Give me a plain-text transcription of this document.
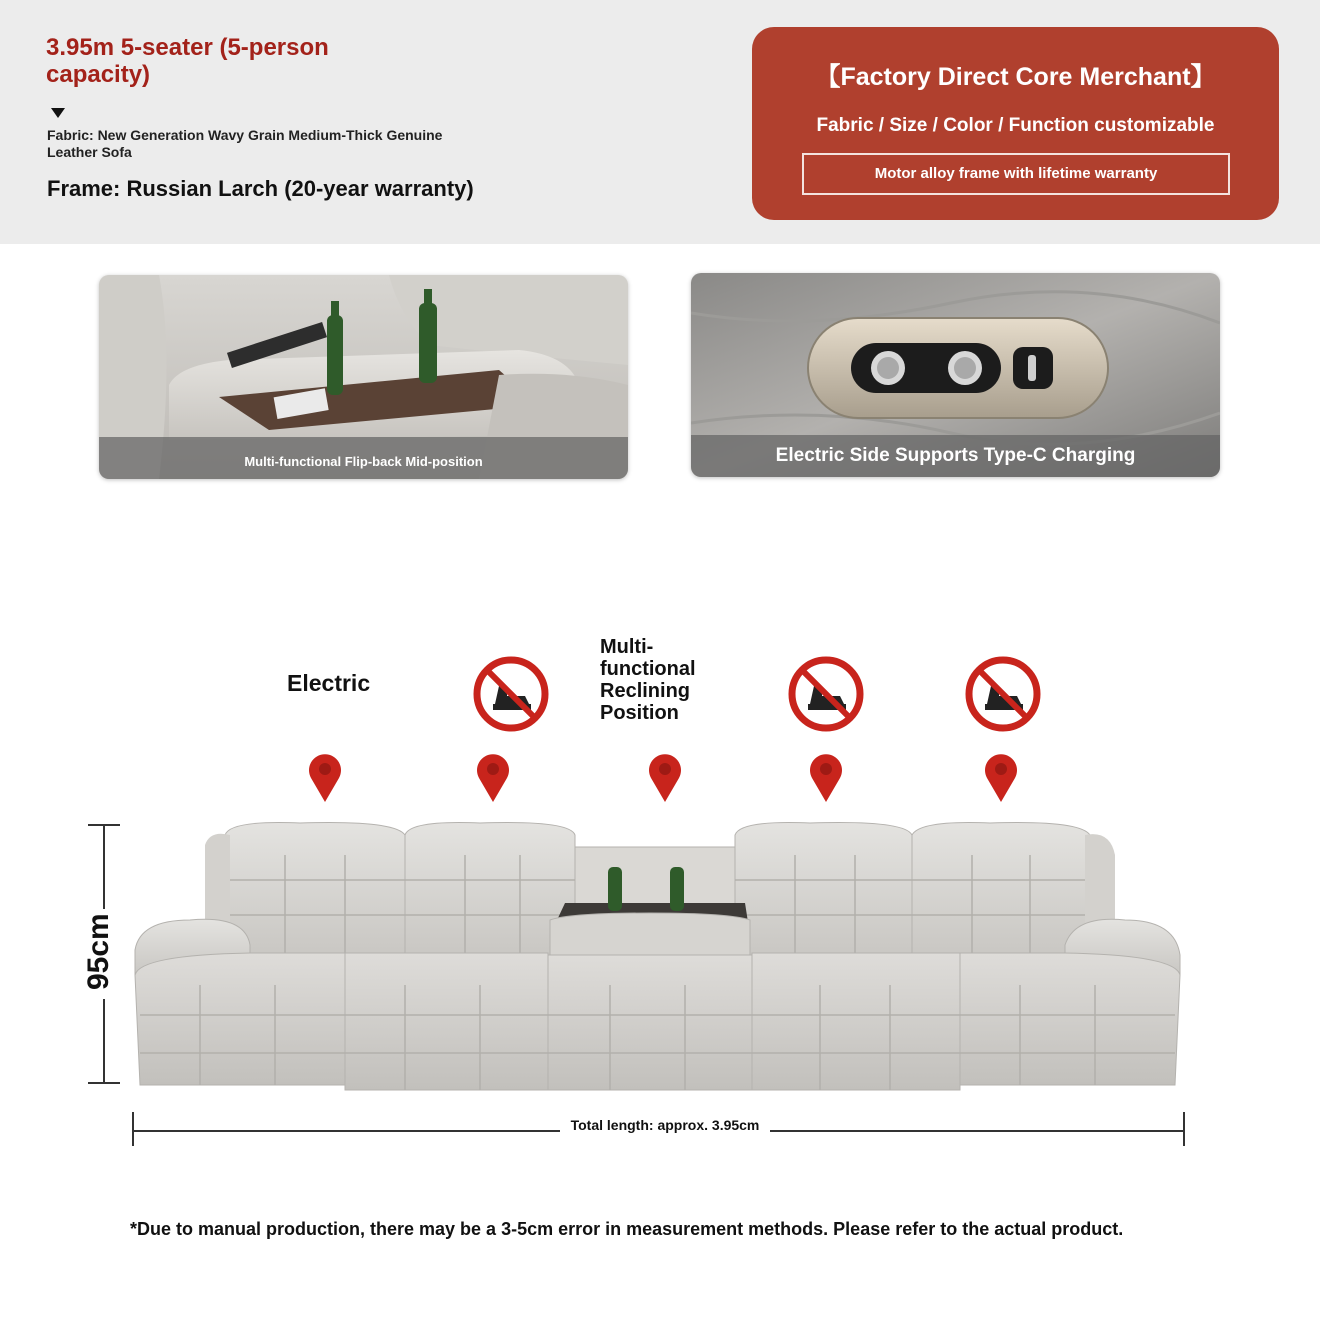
3.95m 5-seater (5-person capacity)
Fabric: New Generation Wavy Grain Medium-Thick Genuine Leather Sofa
Frame: Russian Larch (20-year warranty)
【Factory Direct Core Merchant】
Fabric / Size / Color / Function customizable
Motor alloy frame with lifetime warranty
Multi-functional Flip-back Mid-position	Electric Side Supports Type-C Charging
Electric
Multi-functional Reclining Position
95cm
Total length: approx. 3.95cm
*Due to manual production, there may be a 3-5cm error in measurement methods. Please refer to the actual product.
